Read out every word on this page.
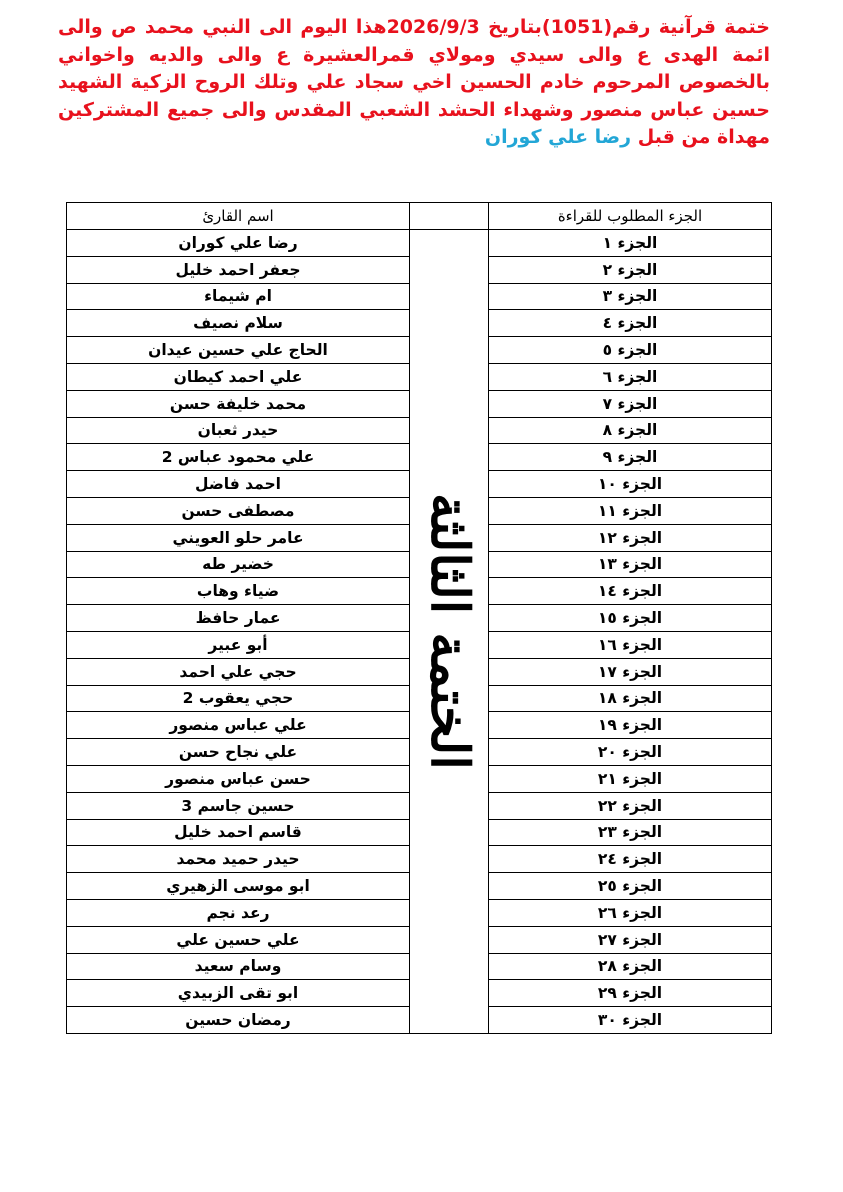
ختمة قرآنية رقم(1051)بتاريخ 2026/9/3هذا اليوم الى النبي محمد ص والى ائمة الهدى ع والى سيدي ومولاي قمرالعشيرة ع والى والديه واخواني بالخصوص المرحوم خادم الحسين اخي سجاد علي وتلك الروح الزكية الشهيد حسين عباس منصور وشهداء الحشد الشعبي المقدس والى جميع المشتركين مهداة من قبل رضا علي كوران
الجزء المطلوب للقراءة		اسم القارئ
الجزء ١	الختمة الثالثة	رضا علي كوران
الجزء ٢		جعفر احمد خليل
الجزء ٣		ام شيماء
الجزء ٤		سلام نصيف
الجزء ٥		الحاج علي حسين عيدان
الجزء ٦		علي احمد كيطان
الجزء ٧		محمد خليفة حسن
الجزء ٨		حيدر ثعبان
الجزء ٩		علي محمود عباس 2
الجزء ١٠		احمد فاضل
الجزء ١١		مصطفى حسن
الجزء ١٢		عامر حلو العويني
الجزء ١٣		خضير طه
الجزء ١٤		ضياء وهاب
الجزء ١٥		عمار حافظ
الجزء ١٦		أبو عبير
الجزء ١٧		حجي علي احمد
الجزء ١٨		حجي يعقوب 2
الجزء ١٩		علي عباس منصور
الجزء ٢٠		علي نجاح حسن
الجزء ٢١		حسن عباس منصور
الجزء ٢٢		حسين جاسم 3
الجزء ٢٣		قاسم احمد خليل
الجزء ٢٤		حيدر حميد محمد
الجزء ٢٥		ابو موسى الزهيري
الجزء ٢٦		رعد نجم
الجزء ٢٧		علي حسين علي
الجزء ٢٨		وسام سعيد
الجزء ٢٩		ابو تقى الزبيدي
الجزء ٣٠		رمضان حسين
